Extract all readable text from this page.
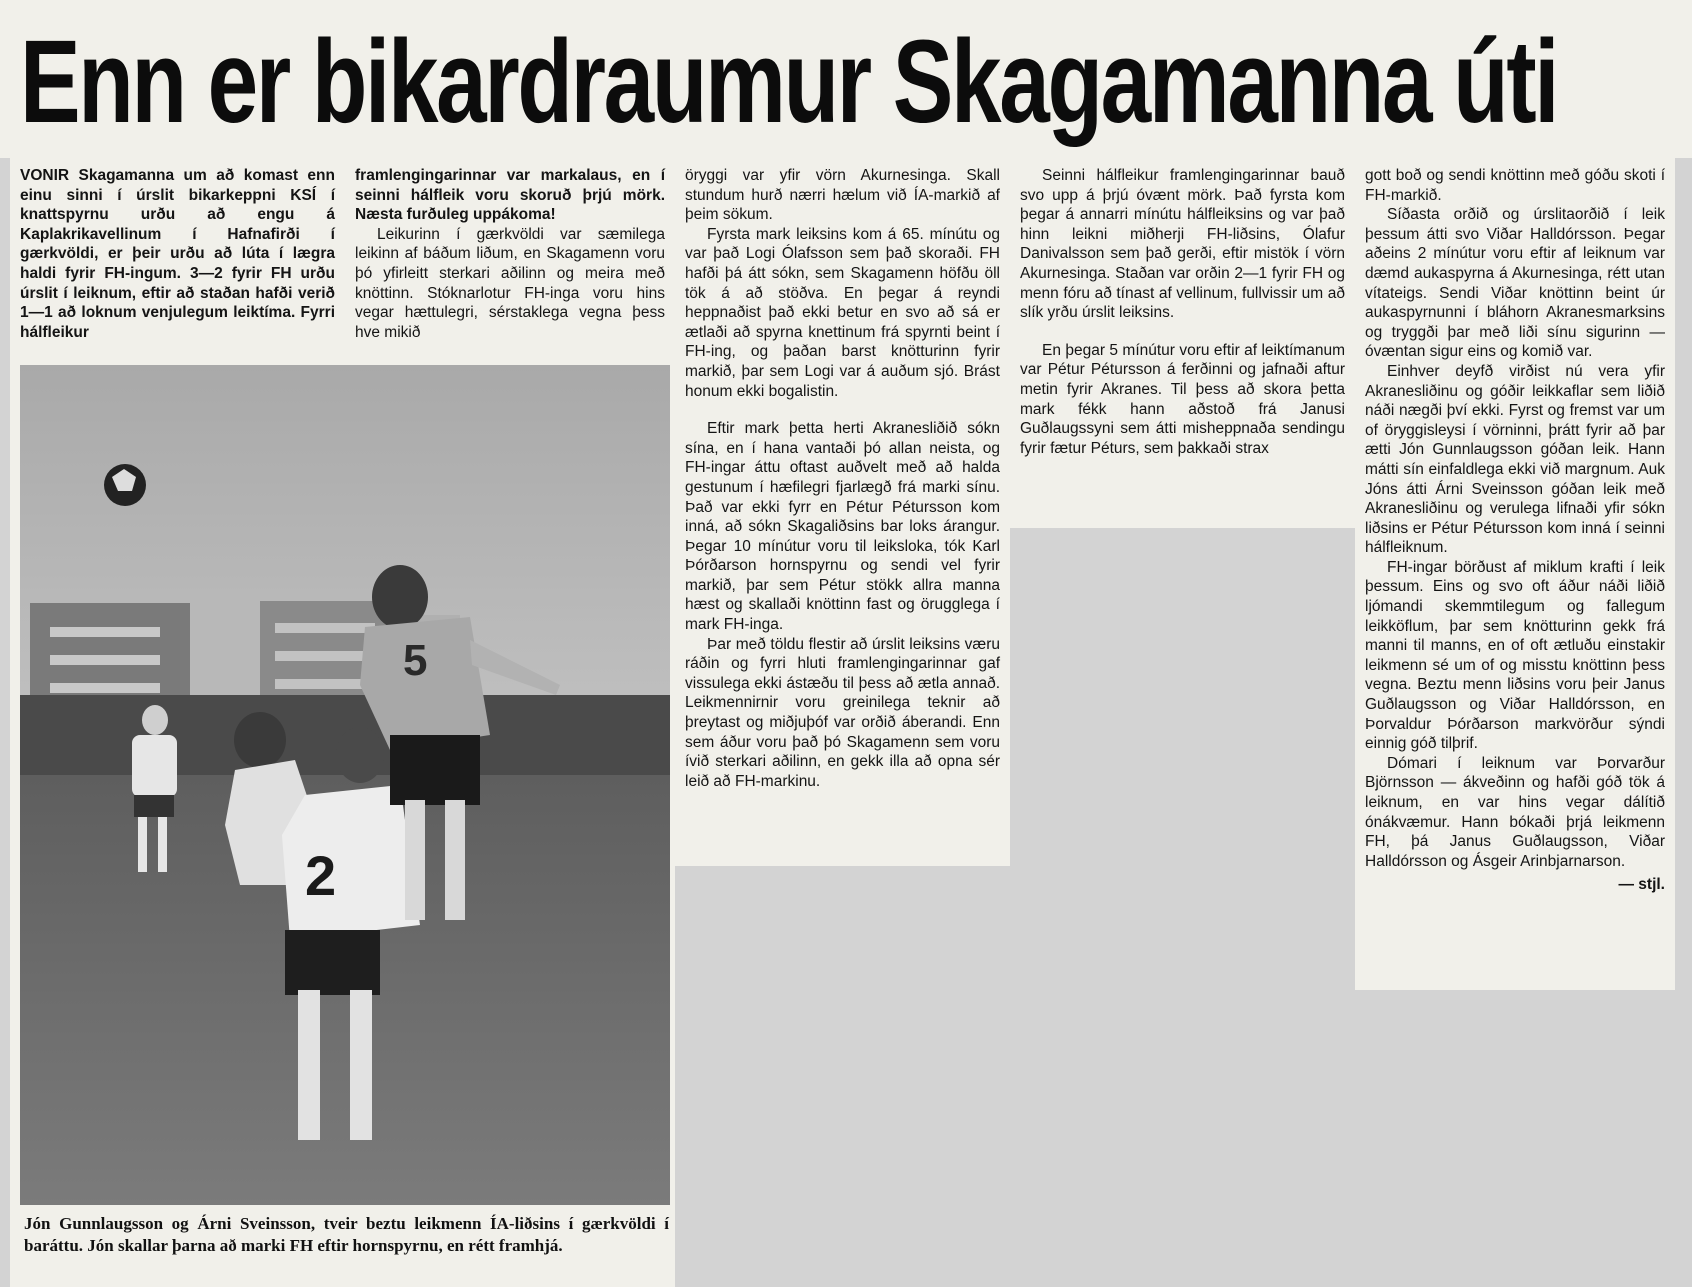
Enn er bikardraumur Skagamanna úti

VONIR Skagamanna um að komast enn einu sinni í úrslit bikarkeppni KSÍ í knattspyrnu urðu að engu á Kaplakrikavellinum í Hafnafirði í gærkvöldi, er þeir urðu að lúta í lægra haldi fyrir FH-ingum. 3—2 fyrir FH urðu úrslit í leiknum, eftir að staðan hafði verið 1—1 að loknum venjulegum leiktíma. Fyrri hálfleikur

framlengingarinnar var markalaus, en í seinni hálfleik voru skoruð þrjú mörk. Næsta furðuleg uppákoma!

Leikurinn í gærkvöldi var sæmilega leikinn af báðum liðum, en Skagamenn voru þó yfirleitt sterkari aðilinn og meira með knöttinn. Stóknarlotur FH-inga voru hins vegar hættulegri, sérstaklega vegna þess hve mikið

öryggi var yfir vörn Akurnesinga. Skall stundum hurð nærri hælum við ÍA-markið af þeim sökum.

Fyrsta mark leiksins kom á 65. mínútu og var það Logi Ólafsson sem það skoraði. FH hafði þá átt sókn, sem Skagamenn höfðu öll tök á að stöðva. En þegar á reyndi heppnaðist það ekki betur en svo að sá er ætlaði að spyrna knettinum frá spyrnti beint í FH-ing, og þaðan barst knötturinn fyrir markið, þar sem Logi var á auðum sjó. Brást honum ekki bogalistin.

Eftir mark þetta herti Akranesliðið sókn sína, en í hana vantaði þó allan neista, og FH-ingar áttu oftast auðvelt með að halda gestunum í hæfilegri fjarlægð frá marki sínu. Það var ekki fyrr en Pétur Pétursson kom inná, að sókn Skagaliðsins bar loks árangur. Þegar 10 mínútur voru til leiksloka, tók Karl Þórðarson hornspyrnu og sendi vel fyrir markið, þar sem Pétur stökk allra manna hæst og skallaði knöttinn fast og örugglega í mark FH-inga.

Þar með töldu flestir að úrslit leiksins væru ráðin og fyrri hluti framlengingarinnar gaf vissulega ekki ástæðu til þess að ætla annað. Leikmennirnir voru greinilega teknir að þreytast og miðjuþóf var orðið áberandi. Enn sem áður voru það þó Skagamenn sem voru ívið sterkari aðilinn, en gekk illa að opna sér leið að FH-markinu.

Seinni hálfleikur framlengingarinnar bauð svo upp á þrjú óvænt mörk. Það fyrsta kom þegar á annarri mínútu hálfleiksins og var það hinn leikni miðherji FH-liðsins, Ólafur Danivalsson sem það gerði, eftir mistök í vörn Akurnesinga. Staðan var orðin 2—1 fyrir FH og menn fóru að tínast af vellinum, fullvissir um að slík yrðu úrslit leiksins.

En þegar 5 mínútur voru eftir af leiktímanum var Pétur Pétursson á ferðinni og jafnaði aftur metin fyrir Akranes. Til þess að skora þetta mark fékk hann aðstoð frá Janusi Guðlaugssyni sem átti misheppnaða sendingu fyrir fætur Péturs, sem þakkaði strax

gott boð og sendi knöttinn með góðu skoti í FH-markið.

Síðasta orðið og úrslitaorðið í leik þessum átti svo Viðar Halldórsson. Þegar aðeins 2 mínútur voru eftir af leiknum var dæmd aukaspyrna á Akurnesinga, rétt utan vítateigs. Sendi Viðar knöttinn beint úr aukaspyrnunni í bláhorn Akranesmarksins og tryggði þar með liði sínu sigurinn — óvæntan sigur eins og komið var.

Einhver deyfð virðist nú vera yfir Akranesliðinu og góðir leikkaflar sem liðið náði nægði því ekki. Fyrst og fremst var um of öryggisleysi í vörninni, þrátt fyrir að þar ætti Jón Gunnlaugsson góðan leik. Hann mátti sín einfaldlega ekki við margnum. Auk Jóns átti Árni Sveinsson góðan leik með Akranesliðinu og verulega lifnaði yfir sókn liðsins er Pétur Pétursson kom inná í seinni hálfleiknum.

FH-ingar börðust af miklum krafti í leik þessum. Eins og svo oft áður náði liðið ljómandi skemmtilegum og fallegum leikköflum, þar sem knötturinn gekk frá manni til manns, en of oft ætluðu einstakir leikmenn sé um of og misstu knöttinn þess vegna. Beztu menn liðsins voru þeir Janus Guðlaugsson og Viðar Halldórsson, en Þorvaldur Þórðarson markvörður sýndi einnig góð tilþrif.

Dómari í leiknum var Þorvarður Björnsson — ákveðinn og hafði góð tök á leiknum, en var hins vegar dálítið ónákvæmur. Hann bókaði þrjá leikmenn FH, þá Janus Guðlaugsson, Viðar Halldórsson og Ásgeir Arinbjarnarson.

— stjl.
2
5
Jón Gunnlaugsson og Árni Sveinsson, tveir beztu leikmenn ÍA-liðsins í gærkvöldi í baráttu. Jón skallar þarna að marki FH eftir hornspyrnu, en rétt framhjá.
